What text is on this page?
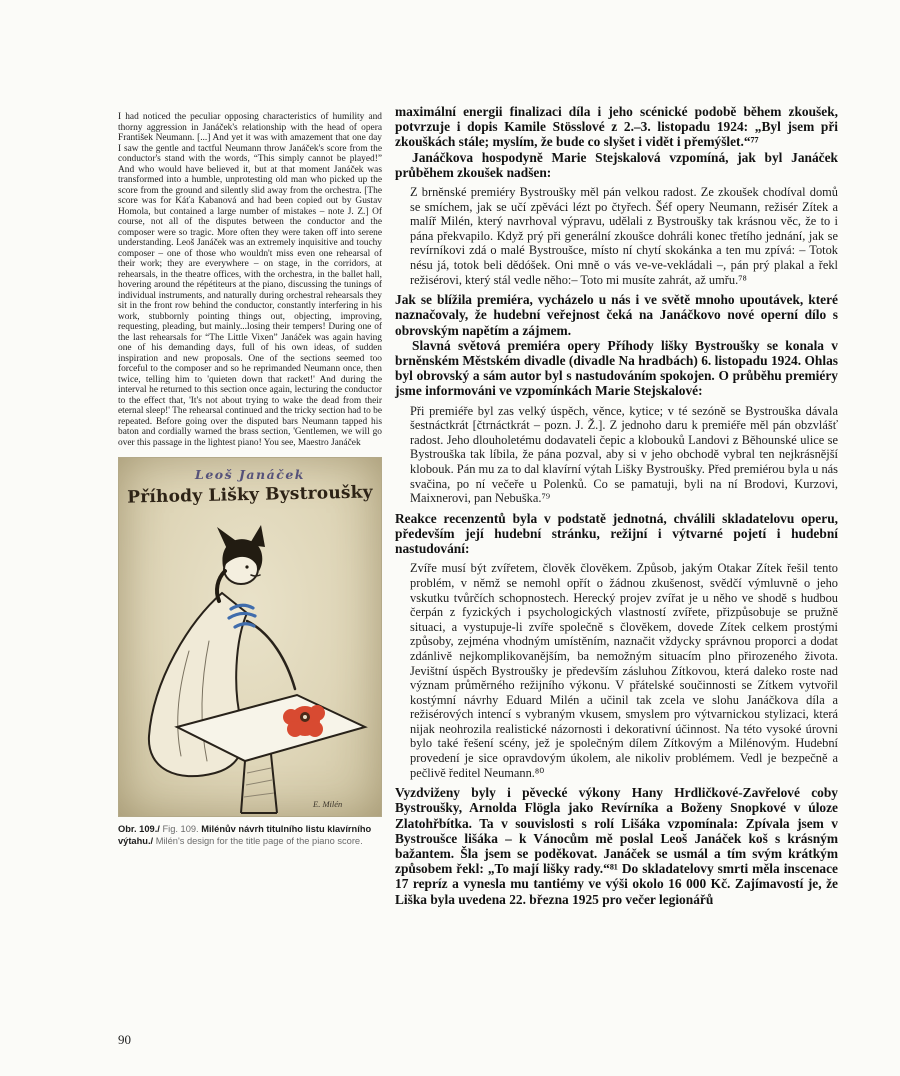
I had noticed the peculiar opposing characteristics of humility and thorny aggression in Janáček's relationship with the head of opera František Neumann. [...] And yet it was with amazement that one day I saw the gentle and tactful Neumann throw Janáček's score from the conductor's stand with the words, “This simply cannot be played!” And who would have believed it, but at that moment Janáček was transformed into a humble, unprotesting old man who picked up the score from the ground and silently slid away from the orchestra. [The score was for Káťa Kabanová and had been copied out by Gustav Homola, but contained a large number of mistakes – note J. Z.] Of course, not all of the disputes between the conductor and the composer were so tragic. More often they were taken off into serene understanding. Leoš Janáček was an extremely inquisitive and touchy composer – one of those who wouldn't miss even one rehearsal of their work; they are everywhere – on stage, in the corridors, at rehearsals, in the theatre offices, with the orchestra, in the ballet hall, hovering around the répétiteurs at the piano, discussing the tunings of individual instruments, and naturally during orchestral rehearsals they sit in the front row behind the conductor, constantly interfering in his work, stubbornly pointing things out, objecting, improving, requesting, pleading, but mainly...losing their tempers! During one of the last rehearsals for “The Little Vixen” Janáček was again having one of his demanding days, full of his own ideas, of sudden inspiration and new proposals. One of the sections seemed too forceful to the composer and so he reprimanded Neumann once, then twice, telling him to 'quieten down that racket!' And during the interval he returned to this section once again, lecturing the conductor to the effect that, 'It's not about trying to wake the dead from their eternal sleep!' The rehearsal continued and the tricky section had to be repeated. Before going over the disputed bars Neumann tapped his baton and cordially warned the brass section, 'Gentlemen, we will go over this passage in the lightest piano! You see, Maestro Janáček

Leoš Janáček
Příhody Lišky Bystroušky
E. Milén
Obr. 109./ Fig. 109. Milénův návrh titulního listu klavírního výtahu./ Milén's design for the title page of the piano score.

maximální energii finalizaci díla i jeho scénické podobě během zkoušek, potvrzuje i dopis Kamile Stösslové z 2.–3. listopadu 1924: „Byl jsem při zkouškách stále; myslím, že bude co slyšet i vidět i přemýšlet.“⁷⁷

Janáčkova hospodyně Marie Stejskalová vzpomíná, jak byl Janáček průběhem zkoušek nadšen:

Z brněnské premiéry Bystroušky měl pán velkou radost. Ze zkoušek chodíval domů se smíchem, jak se učí zpěváci lézt po čtyřech. Šéf opery Neumann, režisér Zítek a malíř Milén, který navrhoval výpravu, udělali z Bystroušky tak krásnou věc, že to i pána překvapilo. Když prý při generální zkoušce dohráli konec třetího jednání, jak se revírníkovi zdá o malé Bystroušce, místo ní chytí skokánka a ten mu zpívá: – Totok nésu já, totok beli dědóšek. Oni mně o vás ve-ve-vekládali –, pán prý plakal a řekl režisérovi, který stál vedle něho:– Toto mi musíte zahrát, až umřu.⁷⁸

Jak se blížila premiéra, vycházelo u nás i ve světě mnoho upoutávek, které naznačovaly, že hudební veřejnost čeká na Janáčkovo nové operní dílo s obrovským napětím a zájmem.

Slavná světová premiéra opery Příhody lišky Bystroušky se konala v brněnském Městském divadle (divadle Na hradbách) 6. listopadu 1924. Ohlas byl obrovský a sám autor byl s nastudováním spokojen. O průběhu premiéry jsme informováni ve vzpomínkách Marie Stejskalové:

Při premiéře byl zas velký úspěch, věnce, kytice; v té sezóně se Bystrouška dávala šestnáctkrát [čtrnáctkrát – pozn. J. Ž.]. Z jednoho daru k premiéře měl pán obzvlášť radost. Jeho dlouholetému dodavateli čepic a klobouků Landovi z Běhounské ulice se Bystrouška tak líbila, že pána pozval, aby si v jeho obchodě vybral ten nejkrásnější klobouk. Pán mu za to dal klavírní výtah Lišky Bystroušky. Před premiérou byla u nás svačina, po ní večeře u Polenků. Co se pamatuji, byli na ní Brodovi, Kurzovi, Maixnerovi, pan Nebuška.⁷⁹

Reakce recenzentů byla v podstatě jednotná, chválili skladatelovu operu, především její hudební stránku, režijní i výtvarné pojetí i hudební nastudování:

Zvíře musí být zvířetem, člověk člověkem. Způsob, jakým Otakar Zítek řešil tento problém, v němž se nemohl opřít o žádnou zkušenost, svědčí výmluvně o jeho vskutku tvůrčích schopnostech. Herecký projev zvířat je u něho ve shodě s hudbou čerpán z fyzických i psychologických vlastností zvířete, přizpůsobuje se pružně situaci, a vystupuje-li zvíře společně s člověkem, dovede Zítek celkem prostými způsoby, zejména vhodným umístěním, naznačit vždycky správnou proporci a dodat zdánlivě nejkomplikovanějším, ba nemožným situacím plno přirozeného života. Jevištní úspěch Bystroušky je především zásluhou Zítkovou, která daleko roste nad význam průměrného režijního výkonu. V přátelské součinnosti se Zítkem vytvořil kostýmní návrhy Eduard Milén a učinil tak zcela ve slohu Janáčkova díla a režisérových intencí s vybraným vkusem, smyslem pro výtvarnickou stylizaci, která nijak neohrozila realistické názornosti i dekorativní účinnost. Na této vysoké úrovni bylo také řešení scény, jež je společným dílem Zítkovým a Milénovým. Hudební provedení je sice opravdovým úkolem, ale nikoliv problémem. Vedl je bezpečně a pečlivě ředitel Neumann.⁸⁰

Vyzdviženy byly i pěvecké výkony Hany Hrdličkové-Zavřelové coby Bystroušky, Arnolda Flögla jako Revírníka a Boženy Snopkové v úloze Zlatohřbítka. Ta v souvislosti s rolí Lišáka vzpomínala: Zpívala jsem v Bystroušce lišáka – k Vánocům mě poslal Leoš Janáček koš s krásným bažantem. Šla jsem se poděkovat. Janáček se usmál a tím svým krátkým způsobem řekl: „To mají lišky rady.“⁸¹ Do skladatelovy smrti měla inscenace 17 repríz a vynesla mu tantiémy ve výši okolo 16 000 Kč. Zajímavostí je, že Liška byla uvedena 22. března 1925 pro večer legionářů

90
